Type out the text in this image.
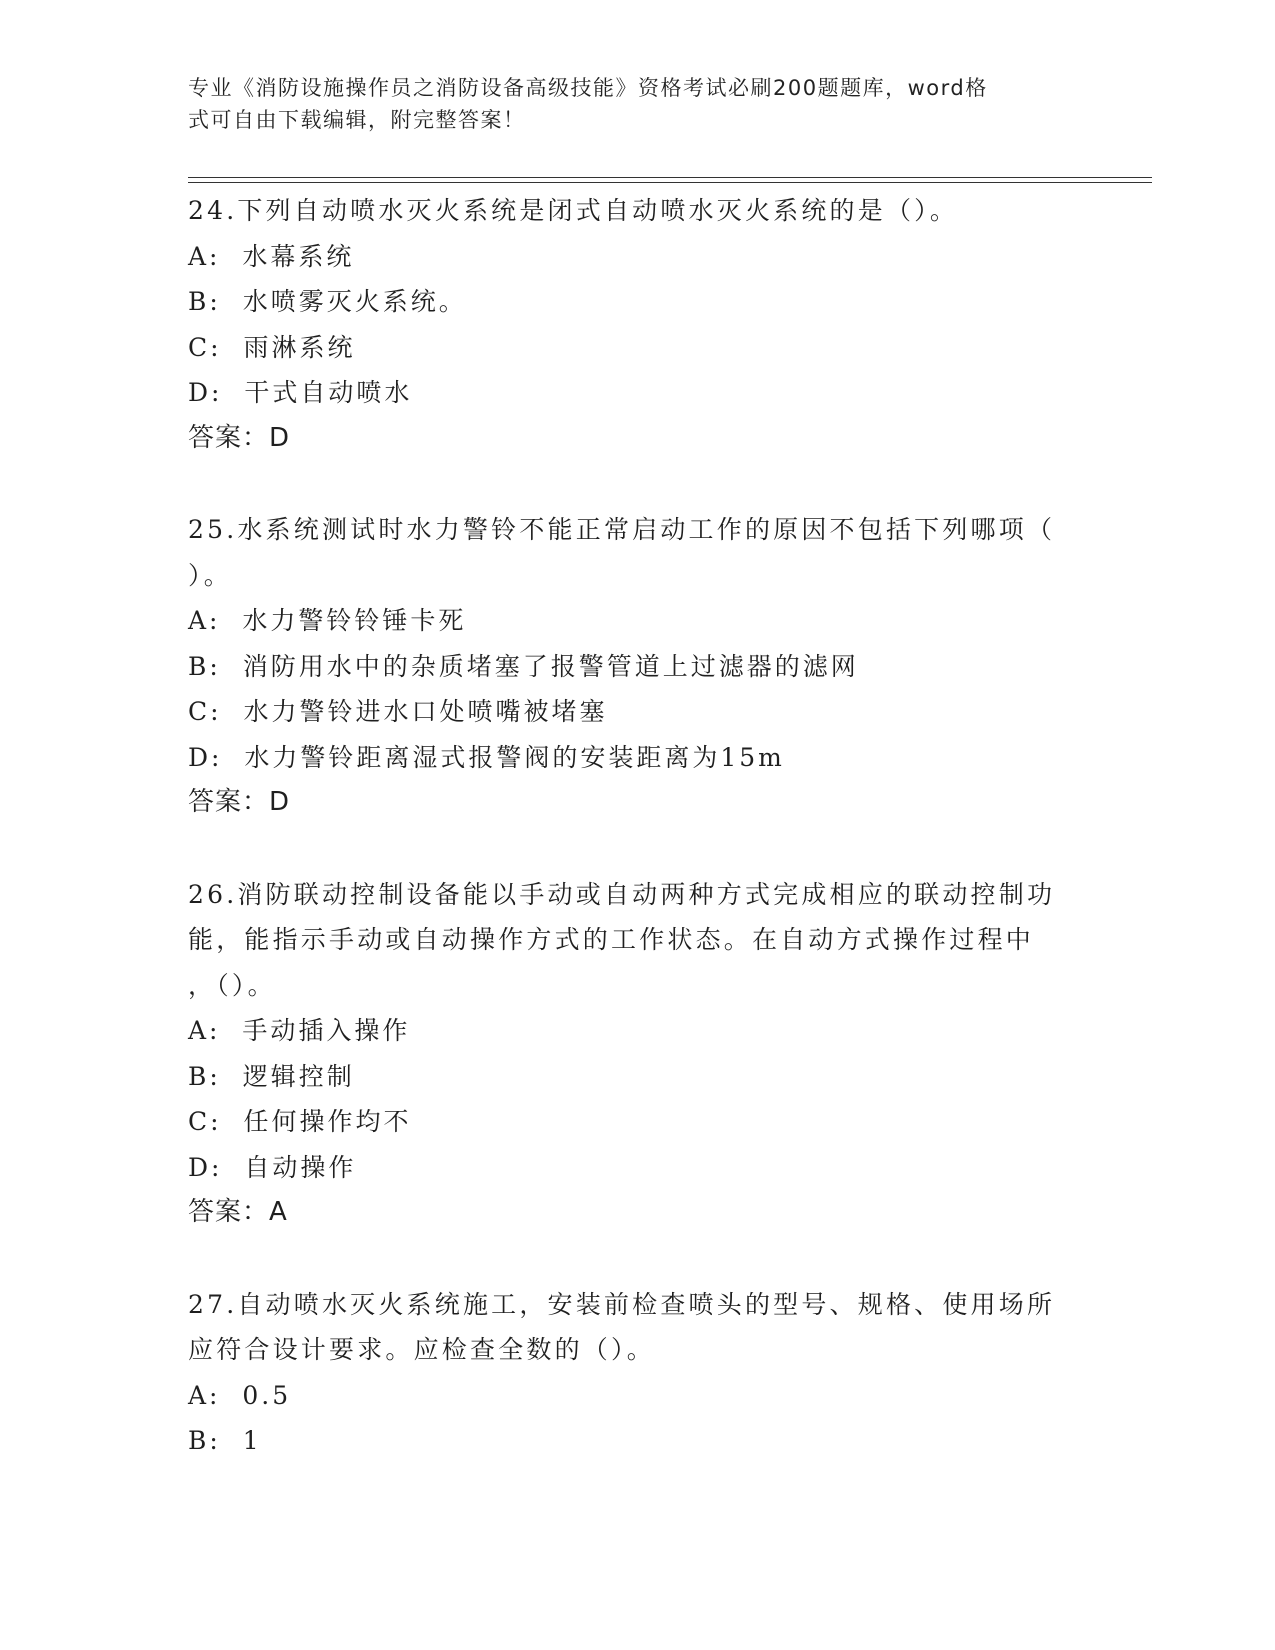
专业《消防设施操作员之消防设备高级技能》资格考试必刷200题题库，word格
式可自由下载编辑，附完整答案！
24.下列自动喷水灭火系统是闭式自动喷水灭火系统的是（）。
A:  水幕系统
B:  水喷雾灭火系统。
C:  雨淋系统
D:  干式自动喷水
答案：D
25.水系统测试时水力警铃不能正常启动工作的原因不包括下列哪项（
）。
A:  水力警铃铃锤卡死
B:  消防用水中的杂质堵塞了报警管道上过滤器的滤网
C:  水力警铃进水口处喷嘴被堵塞
D:  水力警铃距离湿式报警阀的安装距离为15m
答案：D
26.消防联动控制设备能以手动或自动两种方式完成相应的联动控制功
能，能指示手动或自动操作方式的工作状态。在自动方式操作过程中
，（）。
A:  手动插入操作
B:  逻辑控制
C:  任何操作均不
D:  自动操作
答案：A
27.自动喷水灭火系统施工，安装前检查喷头的型号、规格、使用场所
应符合设计要求。应检查全数的（）。
A:  0.5
B:  1
